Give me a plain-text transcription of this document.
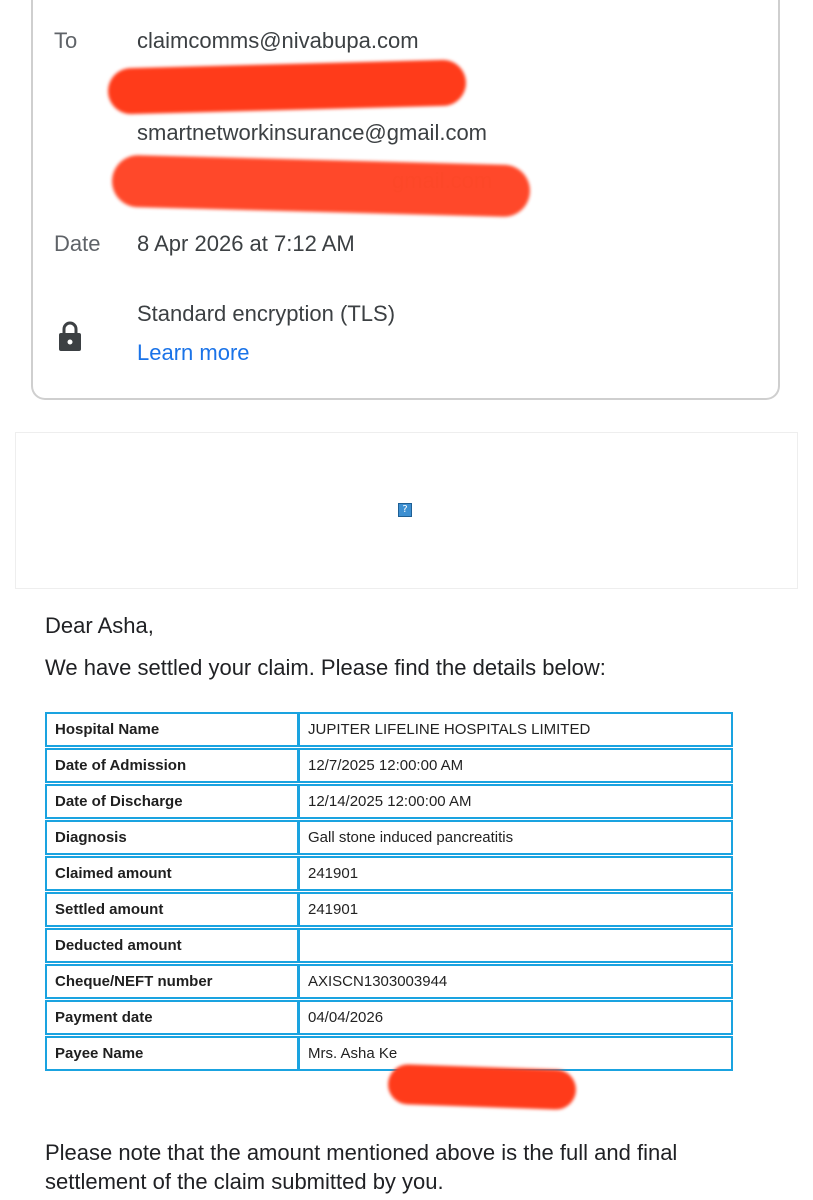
To	claimcomms@nivabupa.com
smartnetworkinsurance@gmail.com
Date 8 Apr 2026 at 7:12 AM
Standard encryption (TLS)
Learn more
?
Dear Asha,
We have settled your claim. Please find the details below:
Hospital Name	JUPITER LIFELINE HOSPITALS LIMITED
Date of Admission	12/7/2025 12:00:00 AM
Date of Discharge	12/14/2025 12:00:00 AM
Diagnosis	Gall stone induced pancreatitis
Claimed amount	241901
Settled amount	241901
Deducted amount	
Cheque/NEFT number	AXISCN1303003944
Payment date	04/04/2026
Payee Name	Mrs. Asha Ke
Please note that the amount mentioned above is the full and final
settlement of the claim submitted by you.
